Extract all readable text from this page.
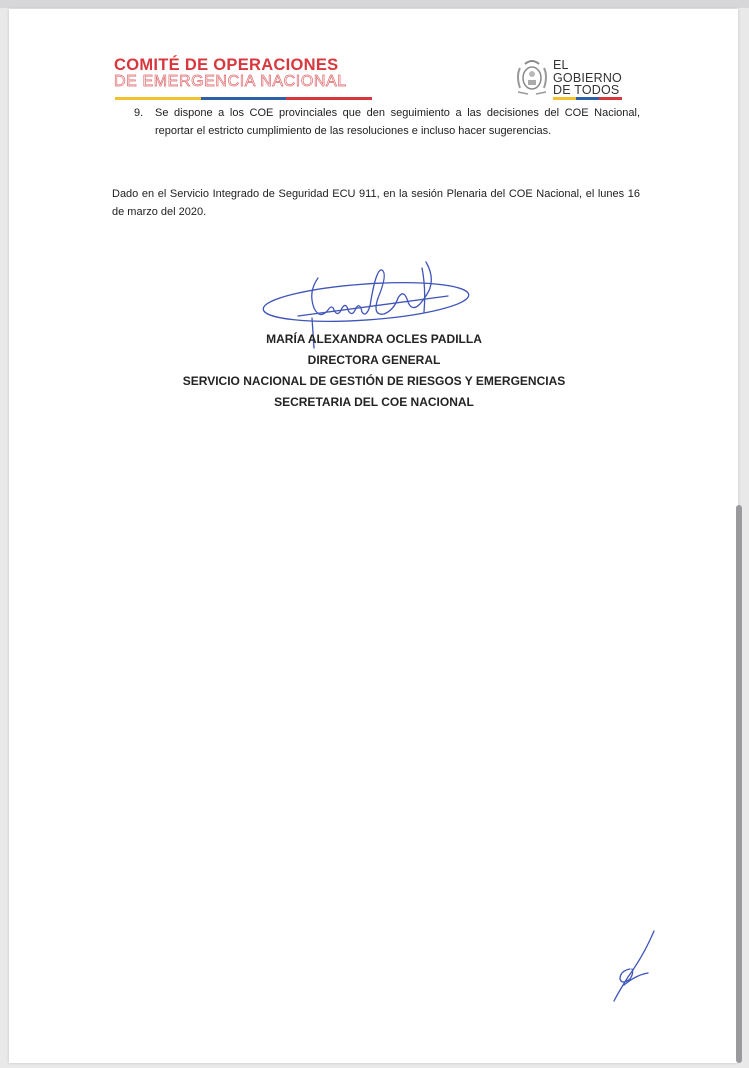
COMITÉ DE OPERACIONES
DE EMERGENCIA NACIONAL
EL
GOBIERNO
DE TODOS
9. Se dispone a los COE provinciales que den seguimiento a las decisiones del COE Nacional, reportar el estricto cumplimiento de las resoluciones e incluso hacer sugerencias.
Dado en el Servicio Integrado de Seguridad ECU 911, en la sesión Plenaria del COE Nacional, el lunes 16 de marzo del 2020.
MARÍA ALEXANDRA OCLES PADILLA
DIRECTORA GENERAL
SERVICIO NACIONAL DE GESTIÓN DE RIESGOS Y EMERGENCIAS
SECRETARIA DEL COE NACIONAL
